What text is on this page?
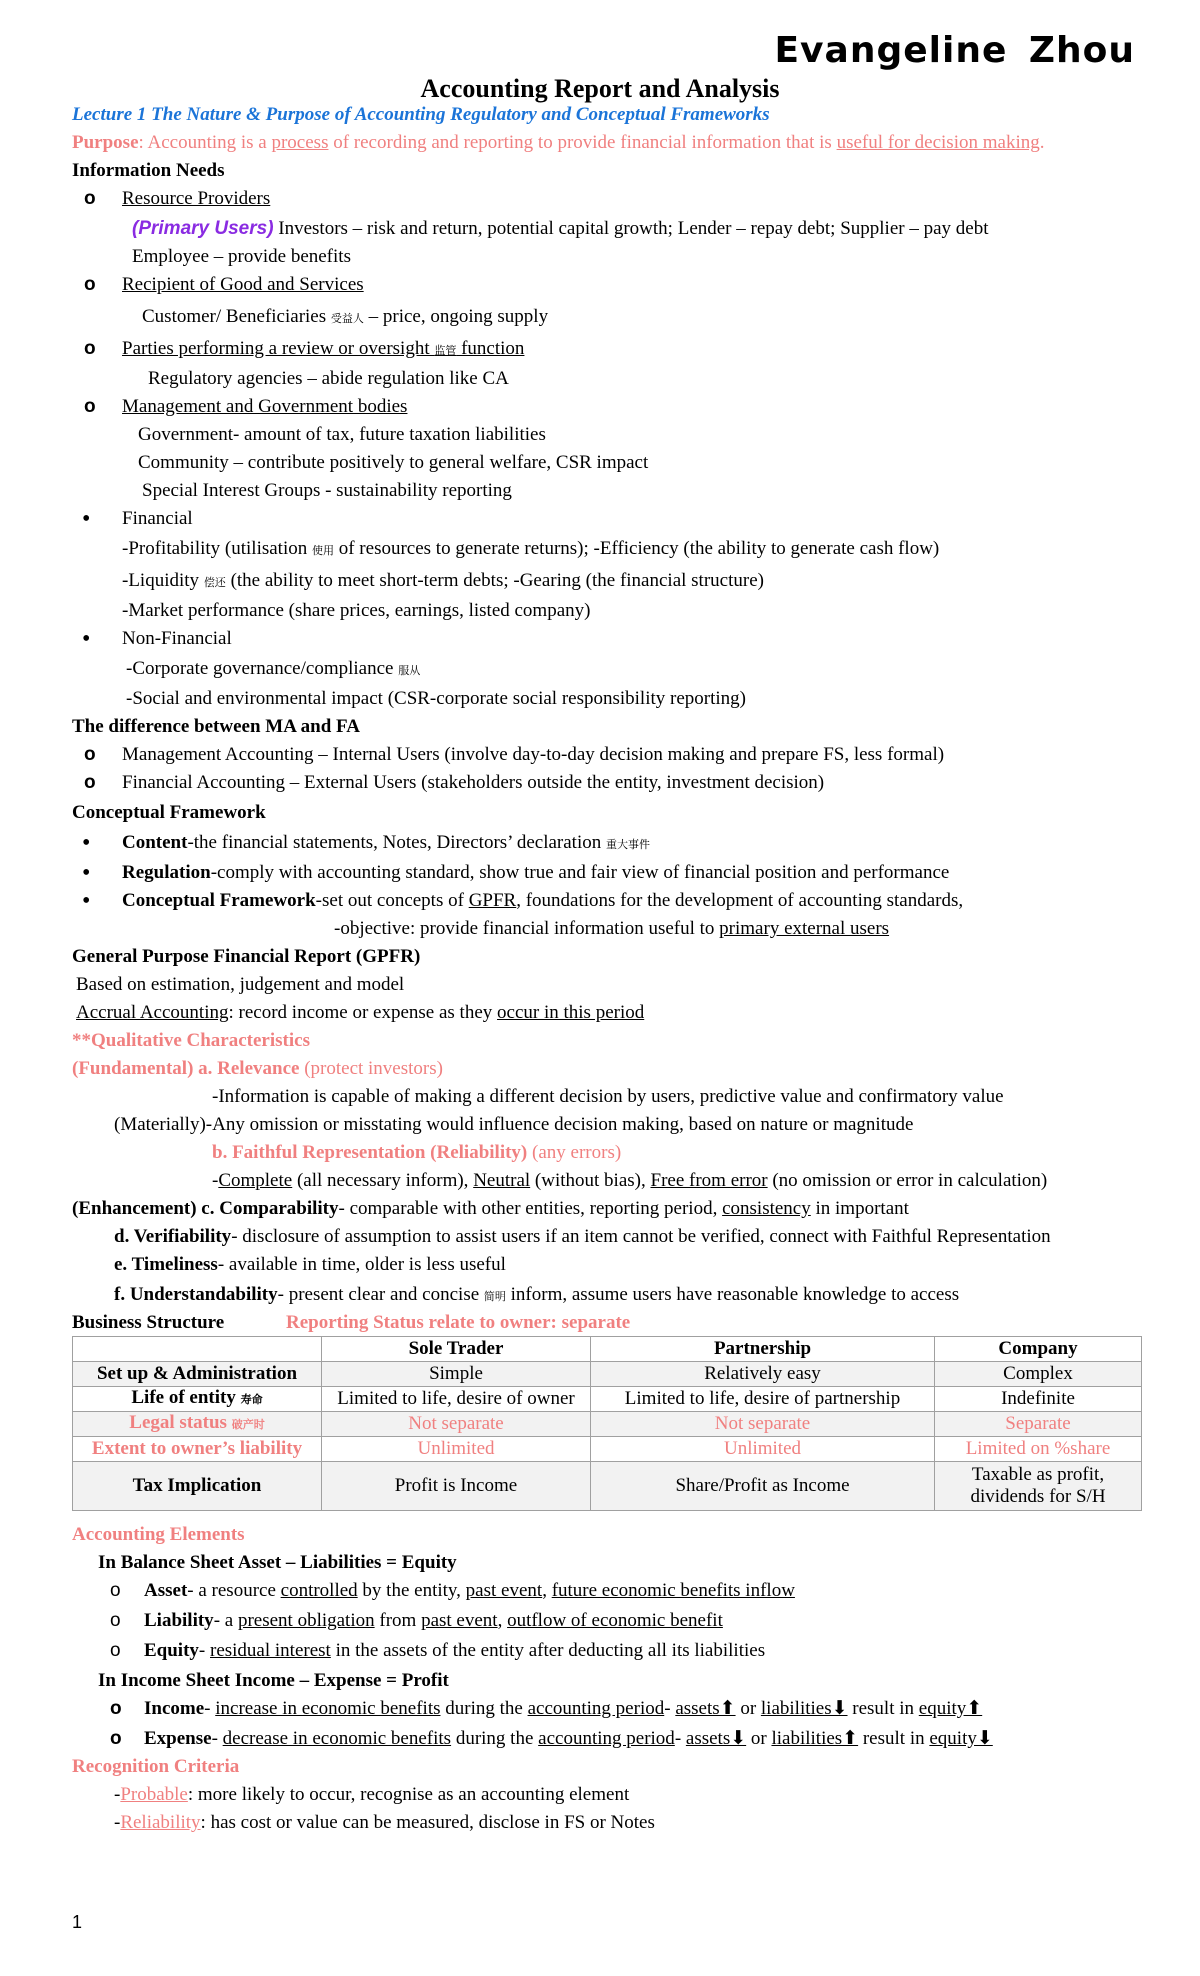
Evangeline Zhou
Accounting Report and Analysis
Lecture 1 The Nature & Purpose of Accounting Regulatory and Conceptual Frameworks
Purpose: Accounting is a process of recording and reporting to provide financial information that is useful for decision making.
Information Needs
o Resource Providers
(Primary Users) Investors – risk and return, potential capital growth; Lender – repay debt; Supplier – pay debt
Employee – provide benefits
o Recipient of Good and Services
Customer/ Beneficiaries 受益人 – price, ongoing supply
o Parties performing a review or oversight 监管 function
Regulatory agencies – abide regulation like CA
o Management and Government bodies
Government- amount of tax, future taxation liabilities
Community – contribute positively to general welfare, CSR impact
Special Interest Groups - sustainability reporting
• Financial
-Profitability (utilisation 使用 of resources to generate returns); -Efficiency (the ability to generate cash flow)
-Liquidity 偿还 (the ability to meet short-term debts; -Gearing (the financial structure)
-Market performance (share prices, earnings, listed company)
• Non-Financial
-Corporate governance/compliance 服从
-Social and environmental impact (CSR-corporate social responsibility reporting)
The difference between MA and FA
o Management Accounting – Internal Users (involve day-to-day decision making and prepare FS, less formal)
o Financial Accounting – External Users (stakeholders outside the entity, investment decision)
Conceptual Framework
• Content-the financial statements, Notes, Directors’ declaration 重大事件
• Regulation-comply with accounting standard, show true and fair view of financial position and performance
• Conceptual Framework-set out concepts of GPFR, foundations for the development of accounting standards,
-objective: provide financial information useful to primary external users
General Purpose Financial Report (GPFR)
Based on estimation, judgement and model
Accrual Accounting: record income or expense as they occur in this period
**Qualitative Characteristics
(Fundamental) a. Relevance (protect investors)
-Information is capable of making a different decision by users, predictive value and confirmatory value
(Materially)-Any omission or misstating would influence decision making, based on nature or magnitude
b. Faithful Representation (Reliability) (any errors)
-Complete (all necessary inform), Neutral (without bias), Free from error (no omission or error in calculation)
(Enhancement) c. Comparability- comparable with other entities, reporting period, consistency in important
d. Verifiability- disclosure of assumption to assist users if an item cannot be verified, connect with Faithful Representation
e. Timeliness- available in time, older is less useful
f. Understandability- present clear and concise 简明 inform, assume users have reasonable knowledge to access
Business Structure	Reporting Status relate to owner: separate
	Sole Trader	Partnership	Company
Set up & Administration	Simple	Relatively easy	Complex
Life of entity 寿命	Limited to life, desire of owner	Limited to life, desire of partnership	Indefinite
Legal status 破产时	Not separate	Not separate	Separate
Extent to owner’s liability	Unlimited	Unlimited	Limited on %share
Tax Implication	Profit is Income	Share/Profit as Income	Taxable as profit, dividends for S/H
Accounting Elements
In Balance Sheet Asset – Liabilities = Equity
o Asset- a resource controlled by the entity, past event, future economic benefits inflow
o Liability- a present obligation from past event, outflow of economic benefit
o Equity- residual interest in the assets of the entity after deducting all its liabilities
In Income Sheet Income – Expense = Profit
o Income- increase in economic benefits during the accounting period- assets⬆ or liabilities⬇ result in equity⬆
o Expense- decrease in economic benefits during the accounting period- assets⬇ or liabilities⬆ result in equity⬇
Recognition Criteria
-Probable: more likely to occur, recognise as an accounting element
-Reliability: has cost or value can be measured, disclose in FS or Notes
1
